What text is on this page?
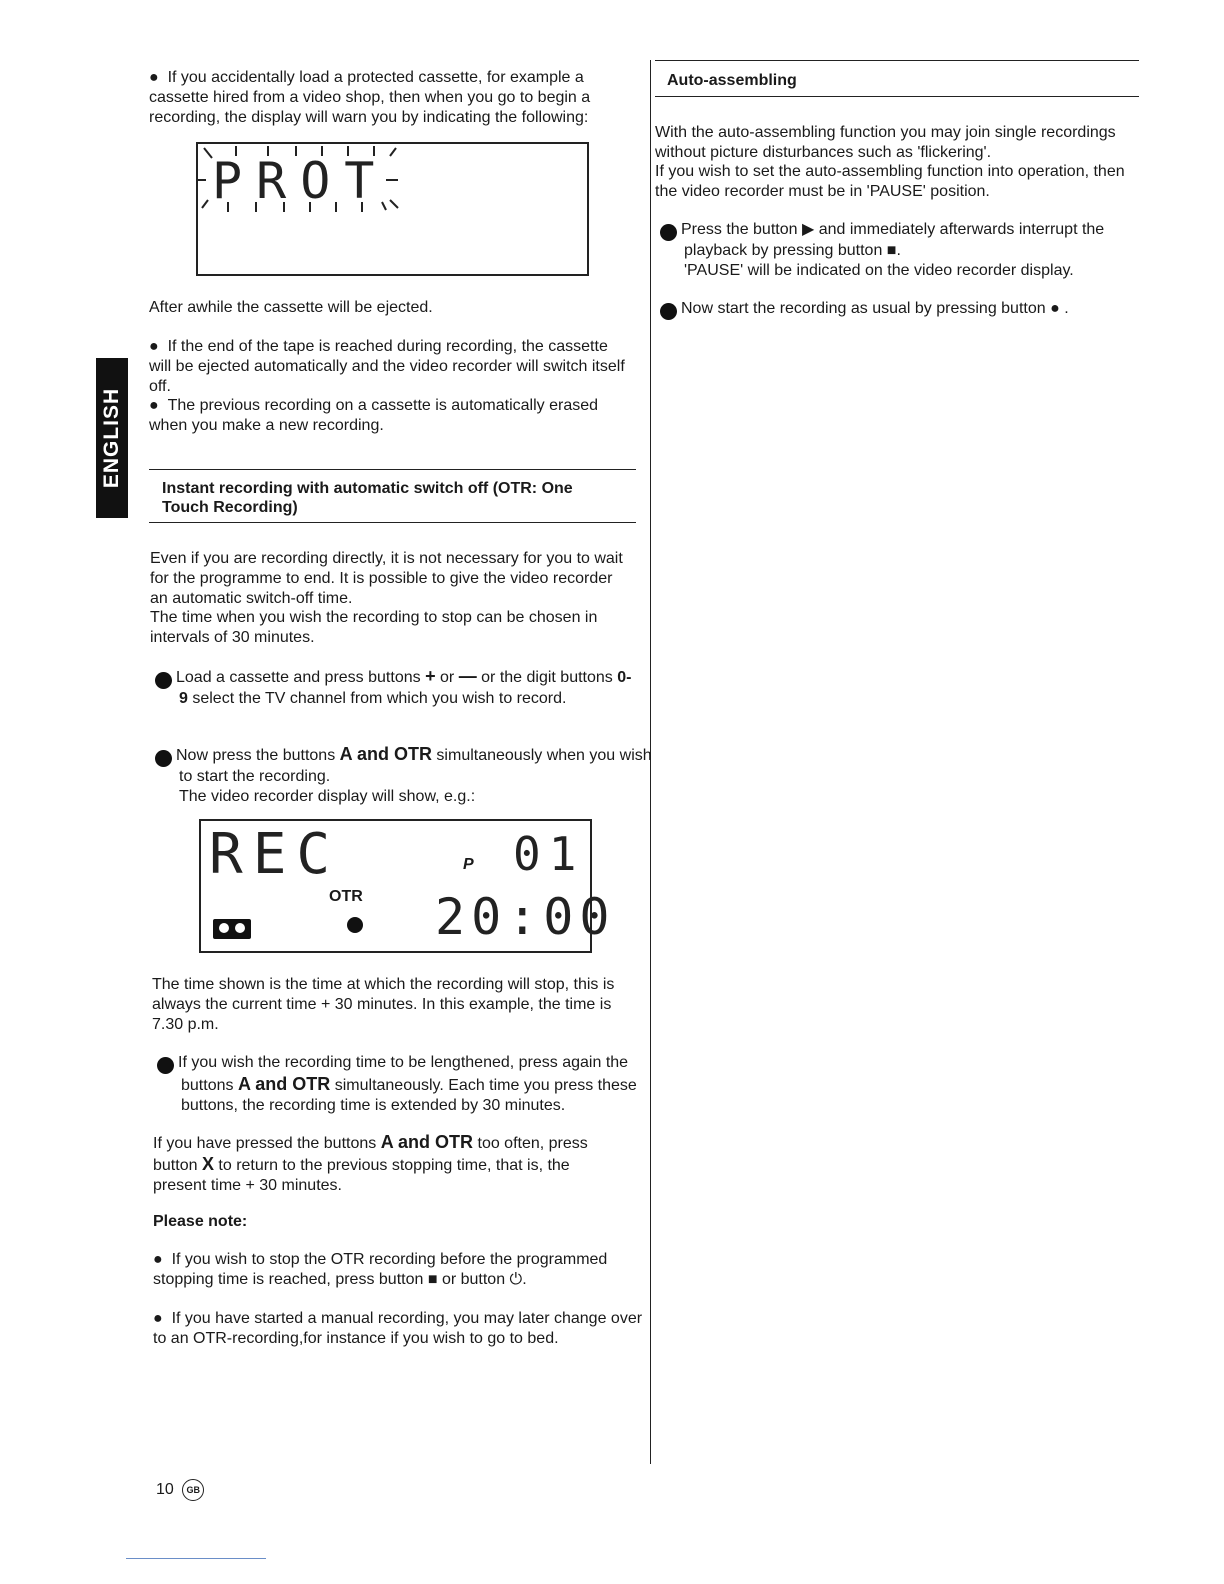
ENGLISH

●  If you accidentally load a protected cassette, for example a cassette hired from a video shop, then when you go to begin a recording, the display will warn you by indicating the following:

PROT

After awhile the cassette will be ejected.

●  If the end of the tape is reached during recording, the cassette will be ejected automatically and the video recorder will switch itself off.

●  The previous recording on a cassette is automatically erased when you make a new recording.

Instant recording with automatic switch off (OTR: One Touch Recording)

Even if you are recording directly, it is not necessary for you to wait for the programme to end. It is possible to give the video recorder an automatic switch-off time.

The time when you wish the recording to stop can be chosen in intervals of 30 minutes.

1 Load a cassette and press buttons + or — or the digit buttons 0-9 select the TV channel from which you wish to record.

2 Now press the buttons A and OTR simultaneously when you wish to start the recording.
The video recorder display will show, e.g.:

REC	P 01
OTR 20:00

The time shown is the time at which the recording will stop, this is always the current time + 30 minutes. In this example, the time is 7.30 p.m.

3 If you wish the recording time to be lengthened, press again the buttons A and OTR simultaneously. Each time you press these buttons, the recording time is extended by 30 minutes.

If you have pressed the buttons A and OTR too often, press button X to return to the previous stopping time, that is, the present time + 30 minutes.

Please note:

●  If you wish to stop the OTR recording before the programmed stopping time is reached, press button ■ or button ⏻.

●  If you have started a manual recording, you may later change over to an OTR-recording,for instance if you wish to go to bed.

Auto-assembling

With the auto-assembling function you may join single recordings without picture disturbances such as 'flickering'.

If you wish to set the auto-assembling function into operation, then the video recorder must be in 'PAUSE' position.

1 Press the button ▶ and immediately afterwards interrupt the playback by pressing button ■.
'PAUSE' will be indicated on the video recorder display.

2 Now start the recording as usual by pressing button ● .

10 GB
